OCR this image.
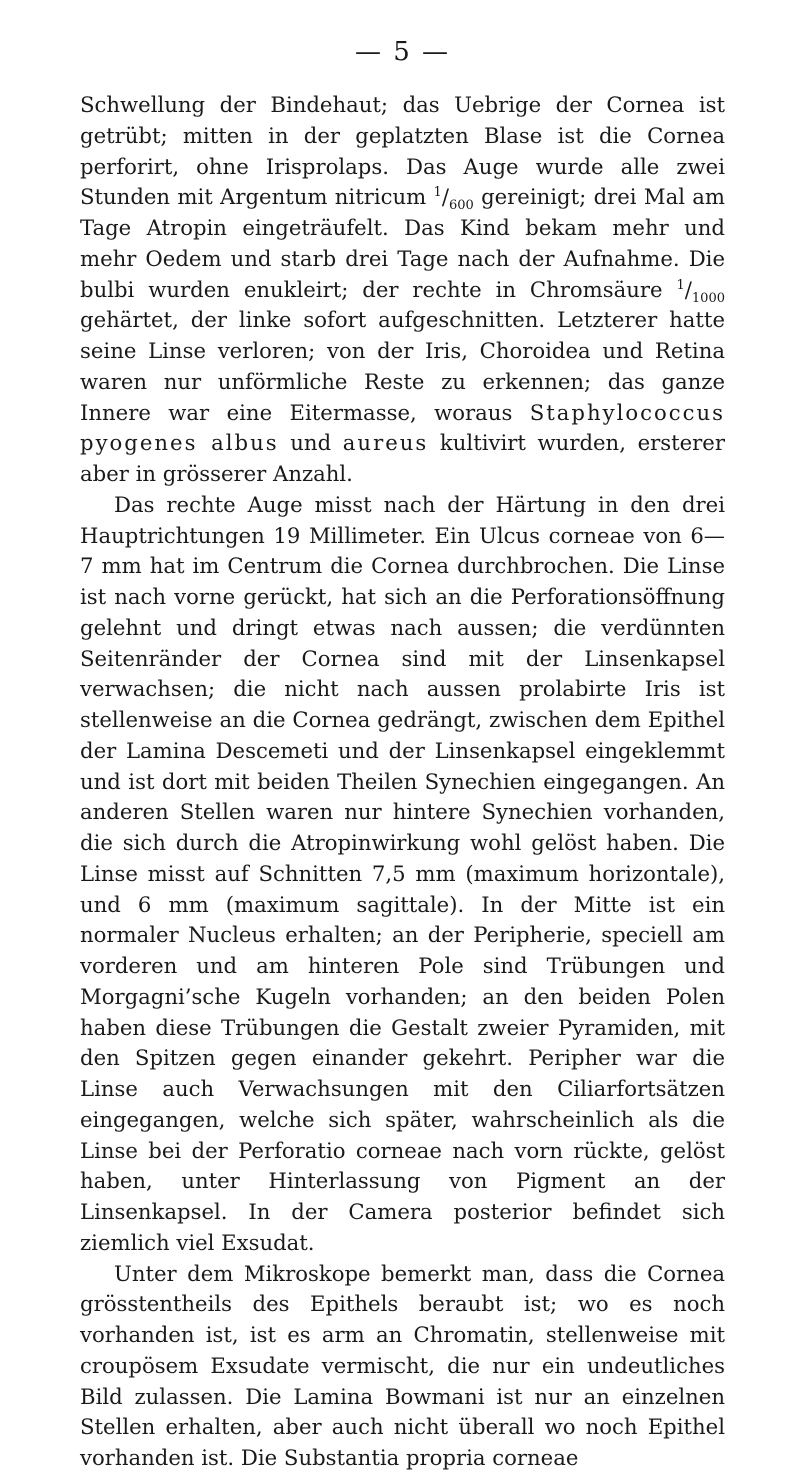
— 5 —

Schwellung der Bindehaut; das Uebrige der Cornea ist getrübt; mitten in der geplatzten Blase ist die Cornea perforirt, ohne Irisprolaps. Das Auge wurde alle zwei Stunden mit Argentum nitricum $^1/_{600}$ gereinigt; drei Mal am Tage Atropin eingeträufelt. Das Kind bekam mehr und mehr Oedem und starb drei Tage nach der Aufnahme. Die bulbi wurden enukleirt; der rechte in Chromsäure $^1/_{1000}$ gehärtet, der linke sofort aufgeschnitten. Letzterer hatte seine Linse verloren; von der Iris, Choroidea und Retina waren nur unförmliche Reste zu erkennen; das ganze Innere war eine Eitermasse, woraus Staphylococcus pyogenes albus und aureus kultivirt wurden, ersterer aber in grösserer Anzahl.

Das rechte Auge misst nach der Härtung in den drei Hauptrichtungen 19 Millimeter. Ein Ulcus corneae von 6—7 mm hat im Centrum die Cornea durchbrochen. Die Linse ist nach vorne gerückt, hat sich an die Perforationsöffnung gelehnt und dringt etwas nach aussen; die verdünnten Seitenränder der Cornea sind mit der Linsenkapsel verwachsen; die nicht nach aussen prolabirte Iris ist stellenweise an die Cornea gedrängt, zwischen dem Epithel der Lamina Descemeti und der Linsenkapsel eingeklemmt und ist dort mit beiden Theilen Synechien eingegangen. An anderen Stellen waren nur hintere Synechien vorhanden, die sich durch die Atropinwirkung wohl gelöst haben. Die Linse misst auf Schnitten 7,5 mm (maximum horizontale), und 6 mm (maximum sagittale). In der Mitte ist ein normaler Nucleus erhalten; an der Peripherie, speciell am vorderen und am hinteren Pole sind Trübungen und Morgagni’sche Kugeln vorhanden; an den beiden Polen haben diese Trübungen die Gestalt zweier Pyramiden, mit den Spitzen gegen einander gekehrt. Peripher war die Linse auch Verwachsungen mit den Ciliarfortsätzen eingegangen, welche sich später, wahrscheinlich als die Linse bei der Perforatio corneae nach vorn rückte, gelöst haben, unter Hinterlassung von Pigment an der Linsenkapsel. In der Camera posterior befindet sich ziemlich viel Exsudat.

Unter dem Mikroskope bemerkt man, dass die Cornea grösstentheils des Epithels beraubt ist; wo es noch vorhanden ist, ist es arm an Chromatin, stellenweise mit croupösem Exsudate vermischt, die nur ein undeutliches Bild zulassen. Die Lamina Bowmani ist nur an einzelnen Stellen erhalten, aber auch nicht überall wo noch Epithel vorhanden ist. Die Substantia propria corneae
